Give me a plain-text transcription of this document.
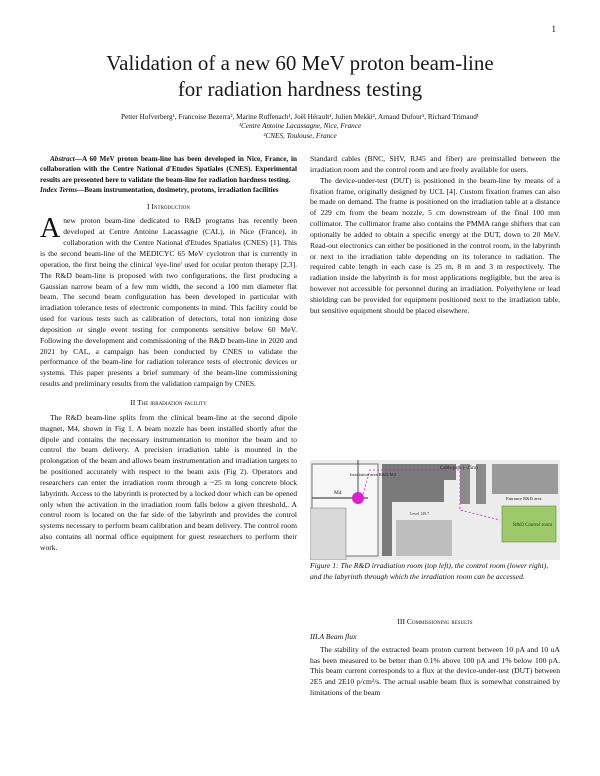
1
Validation of a new 60 MeV proton beam-line
for radiation hardness testing
Petter Hofverberg¹, Francoise Bezerra², Marine Ruffenach¹, Joël Hérault¹, Julien Mekki², Arnaud Dufour¹, Richard Trimaud¹
¹Centre Antoine Lacassagne, Nice, France
²CNES, Toulouse, France

Abstract—A 60 MeV proton beam-line has been developed in Nice, France, in collaboration with the Centre National d'Etudes Spatiales (CNES). Experimental results are presented here to validate the beam-line for radiation hardness testing.

Index Terms—Beam instrumentation, dosimetry, protons, irradiation facilities

I Introduction

Anew proton beam-line dedicated to R&D programs has recently been developed at Centre Antoine Lacassagne (CAL), in Nice (France), in collaboration with the Centre National d'Etudes Spatiales (CNES) [1]. This is the second beam-line of the MEDICYC 65 MeV cyclotron that is currently in operation, the first being the clinical 'eye-line' used for ocular proton therapy [2,3]. The R&D beam-line is proposed with two configurations, the first producing a Gaussian narrow beam of a few mm width, the second a 100 mm diameter flat beam. The second beam configuration has been developed in particular with irradiation tolerance tests of electronic components in mind. This facility could be used for various tests such as calibration of detectors, total non ionizing dose deposition or single event testing for components sensitive below 60 MeV. Following the development and commissioning of the R&D beam-line in 2020 and 2021 by CAL, a campaign has been conducted by CNES to validate the performance of the beam-line for radiation tolerance tests of electronic devices or systems. This paper presents a brief summary of the beam-line commissioning results and preliminary results from the validation campaign by CNES.

II The irradiation facility

The R&D beam-line splits from the clinical beam-line at the second dipole magnet, M4, shown in Fig 1. A beam nozzle has been installed shortly after the dipole and contains the necessary instrumentation to monitor the beam and to control the beam delivery. A precision irradiation table is mounted in the prolongation of the beam and allows beam instrumentation and irradiation targets to be positioned accurately with respect to the beam axis (Fig 2). Operators and researchers can enter the irradiation room through a ~25 m long concrete block labyrinth. Access to the labyrinth is protected by a locked door which can be opened only when the activation in the irradiation room falls below a given threshold,. A control room is located on the far side of the labyrinth and provides the control systems necessary to perform beam calibration and beam delivery. The control room also contains all normal office equipment for guest researchers to perform their work.

Standard cables (BNC, SHV, RJ45 and fiber) are preinstalled between the irradiation room and the control room and are freely available for users.

The device-under-test (DUT) is positioned in the beam-line by means of a fixation frame, originally designed by UCL [4]. Custom fixation frames can also be made on demand. The frame is positioned on the irradiation table at a distance of 229 cm from the beam nozzle, 5 cm downstream of the final 100 mm collimator. The collimator frame also contains the PMMA range shifters that can optionally be added to obtain a specific energy at the DUT, down to 20 MeV. Read-out electronics can either be positioned in the control room, in the labyrinth or next to the irradiation table depending on its tolerance to radiation. The required cable length in each case is 25 m, 8 m and 3 m respectively. The radiation inside the labyrinth is for most applications negligible, but the area is however not accessible for personnel during an irradiation. Polyethylene or lead shielding can be provided for equipment positioned next to the irradiation table, but sensitive equipment should be placed elsewhere.

Cable path (~25m)
Irradiation area R&D M4
M4
Entrance R&D area
R&D Control room
Level 149.7
Figure 1: The R&D irradiation room (top left), the control room (lower right), and the labyrinth through which the irradiation room can be accessed.
III Commissioning results
III.A Beam flux

The stability of the extracted beam proton current between 10 pA and 10 uA has been measured to be better than 0.1% above 100 pA and 1% below 100 pA. This beam current corresponds to a flux at the device-under-test (DUT) between 2E5 and 2E10 p/cm²/s. The actual usable beam flux is somewhat constrained by limitations of the beam
